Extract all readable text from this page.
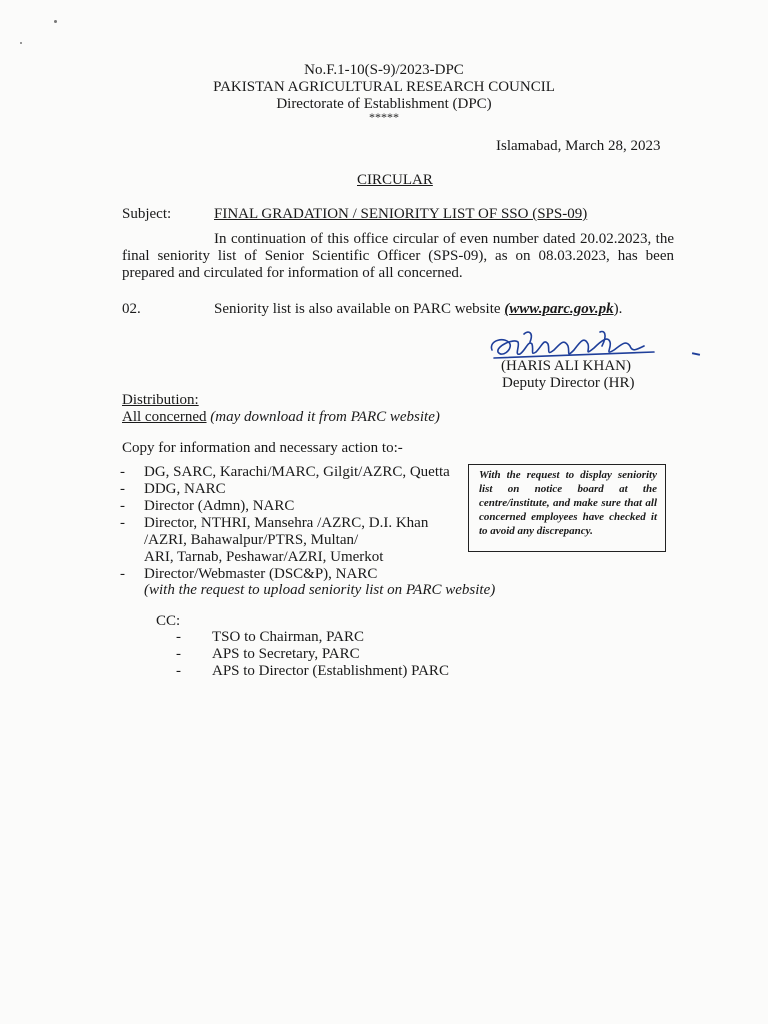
No.F.1-10(S-9)/2023-DPC
PAKISTAN AGRICULTURAL RESEARCH COUNCIL
Directorate of Establishment (DPC)
*****
Islamabad, March 28, 2023
CIRCULAR
Subject:	FINAL GRADATION / SENIORITY LIST OF SSO (SPS-09)
In continuation of this office circular of even number dated 20.02.2023, the final seniority list of Senior Scientific Officer (SPS-09), as on 08.03.2023, has been prepared and circulated for information of all concerned.
02.	Seniority list is also available on PARC website (www.parc.gov.pk).
(HARIS ALI KHAN)
Deputy Director (HR)
Distribution:
All concerned (may download it from PARC website)
Copy for information and necessary action to:-
- DG, SARC, Karachi/MARC, Gilgit/AZRC, Quetta
- DDG, NARC
- Director (Admn), NARC
- Director, NTHRI, Mansehra /AZRC, D.I. Khan
/AZRI, Bahawalpur/PTRS, Multan/
ARI, Tarnab, Peshawar/AZRI, Umerkot
- Director/Webmaster (DSC&P), NARC
(with the request to upload seniority list on PARC website)
With the request to display seniority list on notice board at the centre/institute, and make sure that all concerned employees have checked it to avoid any discrepancy.
CC:
- TSO to Chairman, PARC
- APS to Secretary, PARC
- APS to Director (Establishment) PARC
